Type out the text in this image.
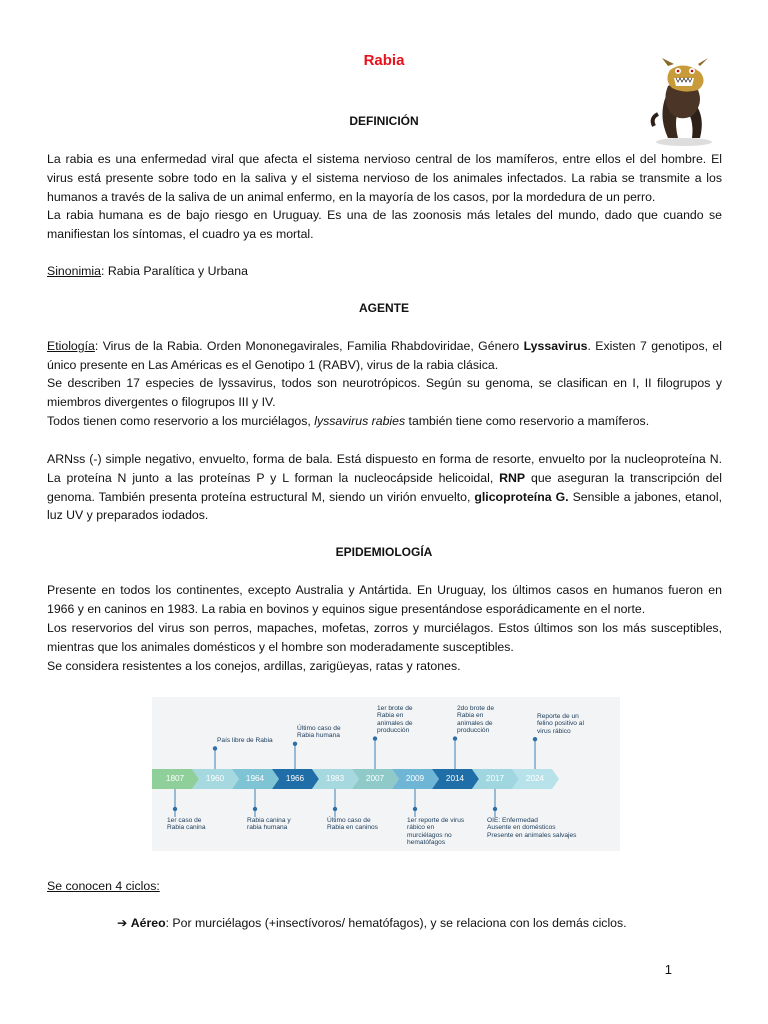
Rabia
DEFINICIÓN
La rabia es una enfermedad viral que afecta el sistema nervioso central de los mamíferos, entre ellos el del hombre. El virus está presente sobre todo en la saliva y el sistema nervioso de los animales infectados. La rabia se transmite a los humanos a través de la saliva de un animal enfermo, en la mayoría de los casos, por la mordedura de un perro.
La rabia humana es de bajo riesgo en Uruguay. Es una de las zoonosis más letales del mundo, dado que cuando se manifiestan los síntomas, el cuadro ya es mortal.
Sinonimia: Rabia Paralítica y Urbana
AGENTE
Etiología: Virus de la Rabia. Orden Mononegavirales, Familia Rhabdoviridae, Género Lyssavirus. Existen 7 genotipos, el único presente en Las Américas es el Genotipo 1 (RABV), virus de la rabia clásica.
Se describen 17 especies de lyssavirus, todos son neurotrópicos. Según su genoma, se clasifican en I, II filogrupos y miembros divergentes o filogrupos III y IV.
Todos tienen como reservorio a los murciélagos, lyssavirus rabies también tiene como reservorio a mamíferos.
ARNss (-) simple negativo, envuelto, forma de bala. Está dispuesto en forma de resorte, envuelto por la nucleoproteína N. La proteína N junto a las proteínas P y L forman la nucleocápside helicoidal, RNP que aseguran la transcripción del genoma. También presenta proteína estructural M, siendo un virión envuelto, glicoproteína G. Sensible a jabones, etanol, luz UV y preparados iodados.
EPIDEMIOLOGÍA
Presente en todos los continentes, excepto Australia y Antártida. En Uruguay, los últimos casos en humanos fueron en 1966 y en caninos en 1983. La rabia en bovinos y equinos sigue presentándose esporádicamente en el norte.
Los reservorios del virus son perros, mapaches, mofetas, zorros y murciélagos. Estos últimos son los más susceptibles, mientras que los animales domésticos y el hombre son moderadamente susceptibles.
Se considera resistentes a los conejos, ardillas, zarigüeyas, ratas y ratones.
1807	1960	1964	1966	1983	2007	2009	2014	2017	2024
País libre de Rabia
Último caso de
Rabia humana
1er brote de
Rabia en
animales de
producción
2do brote de
Rabia en
animales de
producción
Reporte de un
felino positivo al
virus rábico
1er caso de
Rabia canina
Rabia canina y
rabia humana
Último caso de
Rabia en caninos
1er reporte de virus
rábico en
murciélagos no
hematófagos
OIE: Enfermedad
Ausente en domésticos
Presente en animales salvajes
Se conocen 4 ciclos:
➔ Aéreo: Por murciélagos (+insectívoros/ hematófagos), y se relaciona con los demás ciclos.
1
